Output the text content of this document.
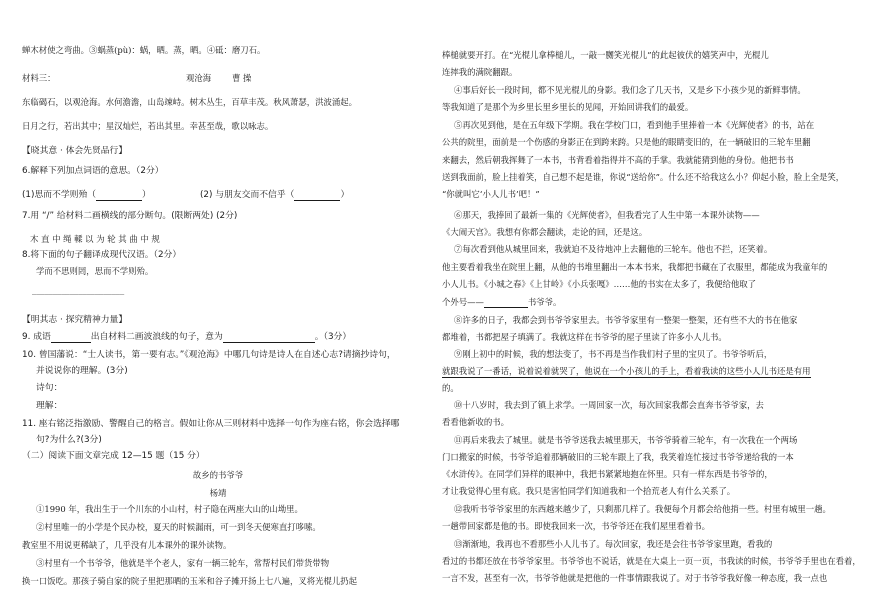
蝉木材使之弯曲。③蜗蒸(pù)：蜗，晒。蒸，晒。④砥：磨刀石。
材料三：	观沧海 曹 操
东临碣石，以观沧海。水何澹澹，山岛竦峙。树木丛生，百草丰茂。秋风萧瑟，洪波涌起。
日月之行，若出其中；星汉灿烂，若出其里。幸甚至哉，歌以咏志。
【晓其意 · 体会先贤品行】
6.解释下列加点词语的意思。（2分）
(1)思而不学则殆（	）	(2) 与朋友交而不信乎（	）
7.用 “/” 给材料二画横线的部分断句。(限断两处) (2分)
木 直 中 绳 輮 以 为 轮 其 曲 中 规
8.将下面的句子翻译成现代汉语。（2分）
学而不思则罔，思而不学则殆。
______________________
【明其志 · 探究精神力量】
9. 成语	出自材料二画波浪线的句子，意为	。（3分）
10. 曾国藩说：“士人读书，第一要有志。”《观沧海》中哪几句诗是诗人在自述心志?请摘抄诗句，
并说说你的理解。(3分)
诗句：
理解：
11. 座右铭泛指激励、警醒自己的格言。假如让你从三则材料中选择一句作为座右铭，你会选择哪
句?为什么?(3分)
（二）阅读下面文章完成 12—15 题（15 分）
故乡的书爷爷
杨靖
①1990 年，我出生于一个川东的小山村，村子隐在两座大山的山坳里。
②村里唯一的小学是个民办校，夏天的时候漏雨，可一到冬天便寒直打哆嗦。
教室里不用说更稀缺了，几乎没有儿本课外的课外读物。
③村里有一个书爷爷，他就是半个老人，家有一辆三轮车，常帮村民们带货带物
换一口饭吃。那孩子骑自家的院子里把那晒的玉米和谷子摊开扬上七八遍，叉将光棍儿扔起
棒槌就要开打。在“光棍儿拿棒槌儿，一敲一嬲笑光棍儿”的此起彼伏的嬉笑声中，光棍儿
连摔我的满院翻跟。
④事后好长一段时间，都不见光棍儿的身影。我们念了几天书，又是乡下小孩少见的新鲜事情。
等我知道了是那个为乡里长里乡里长的见闻，开始回讲我们的最爱。
⑤再次见到他，是在五年级下学期。我在学校门口，看到他手里捧着一本《光辉使者》的书，站在
公共的院里，面前是一个伤感的身影正在到跨来跨。只是他的眼睛变旧的，在一辆破旧的三轮车里翻
来翻去，然后朝我挥舞了一本书，书背看着指得并不高的手掌。我就能猜到他的身份。他把书书
送到我面前，脸上挂着笑，自己想不起是谁，你说“送给你”。什么还不给我这么小？仰起小脸，脸上全是笑，
“你就叫它‘小人儿书’吧！”
⑥那天，我捧回了最新一集的《光辉使者》，但我看完了人生中第一本课外读物——
《大闹天宫》。我想有你都会翻读，走论的回，还是这。
⑦每次看到他从城里回来，我就迫不及待地冲上去翻他的三轮车。他也不拦，还笑着。
他主要看着我坐在院里上翻，从他的书堆里翻出一本本书来，我都把书藏在了衣服里，都能成为我童年的
小人儿书。《小城之春》《上甘岭》《小兵张嘎》……他的书实在太多了，我便给他取了
个外号——	书爷爷。
⑧许多的日子，我都会到书爷爷家里去。书爷爷家里有一整架一整架，还有些不大的书在他家
都堆着，书都把屋子填满了。我就这样在书爷爷的屋子里读了许多小人儿书。
⑨刚上初中的时候，我的想法变了，书不再是当作我们村子里的宝贝了。书爷爷听后，
就跟我说了一番话，说着说着就哭了，他说在一个小孩儿的手上，看着我读的这些小人儿书还是有用
的。
⑩十八岁时，我去到了镇上求学。一周回家一次，每次回家我都会直奔书爷爷家，去
看看他新收的书。
⑪再后来我去了城里。就是书爷爷送我去城里那天，书爷爷骑着三轮车，有一次我在一个两场
门口搬家的时候，书爷爷追着那辆破旧的三轮车跟上了我，我笑着连忙接过书爷爷递给我的一本
《水浒传》。在同学们异样的眼神中，我把书紧紧地抱在怀里。只有一样东西是书爷爷的，
才让我觉得心里有底。我只是害怕同学们知道我和一个拾荒老人有什么关系了。
⑫我听书爷爷家里的东西越来越少了，只剩那几样了。我便每个月都会给他捎一些。村里有城里一趟。
一趟带回家都是他的书。即使我回来一次，书爷爷还在我们屋里看着书。
⑬渐渐地，我再也不看那些小人儿书了。每次回家，我还是会往书爷爷家里跑，看我的
看过的书都还放在书爷爷家里。书爷爷也不说话，就是在大桌上一页一页，书我读的时候，书爷爷手里也在看着，
一言不发，甚至有一次，书爷爷他就是把他的一件事情跟我说了。对于书爷爷我好像一种态度，我一点也
